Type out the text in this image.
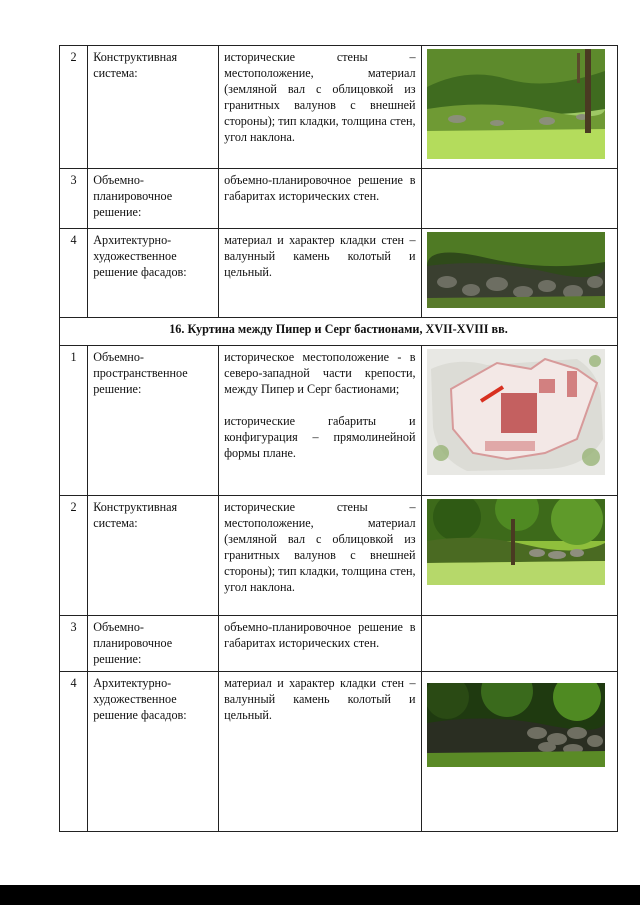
2	Конструктивная система:	исторические стены – местоположение, материал (земляной вал с облицовкой из гранитных валунов с внешней стороны); тип кладки, толщина стен, угол наклона.	

3	Объемно-планировочное решение:	объемно-планировочное решение в габаритах исторических стен.	
4	Архитектурно-художественное решение фасадов:	материал и характер кладки стен – валунный камень колотый и цельный.	

16. Куртина между Пипер и Серг бастионами, XVII-XVIII вв.			
1	Объемно-пространственное решение:	историческое местоположение - в северо-западной части крепости, между Пипер и Серг бастионами;
исторические габариты и конфигурация – прямолинейной формы плане.

2	Конструктивная система:	исторические стены – местоположение, материал (земляной вал с облицовкой из гранитных валунов с внешней стороны); тип кладки, толщина стен, угол наклона.	

3	Объемно-планировочное решение:	объемно-планировочное решение в габаритах исторических стен.	
4	Архитектурно-художественное решение фасадов:	материал и характер кладки стен – валунный камень колотый и цельный.	
